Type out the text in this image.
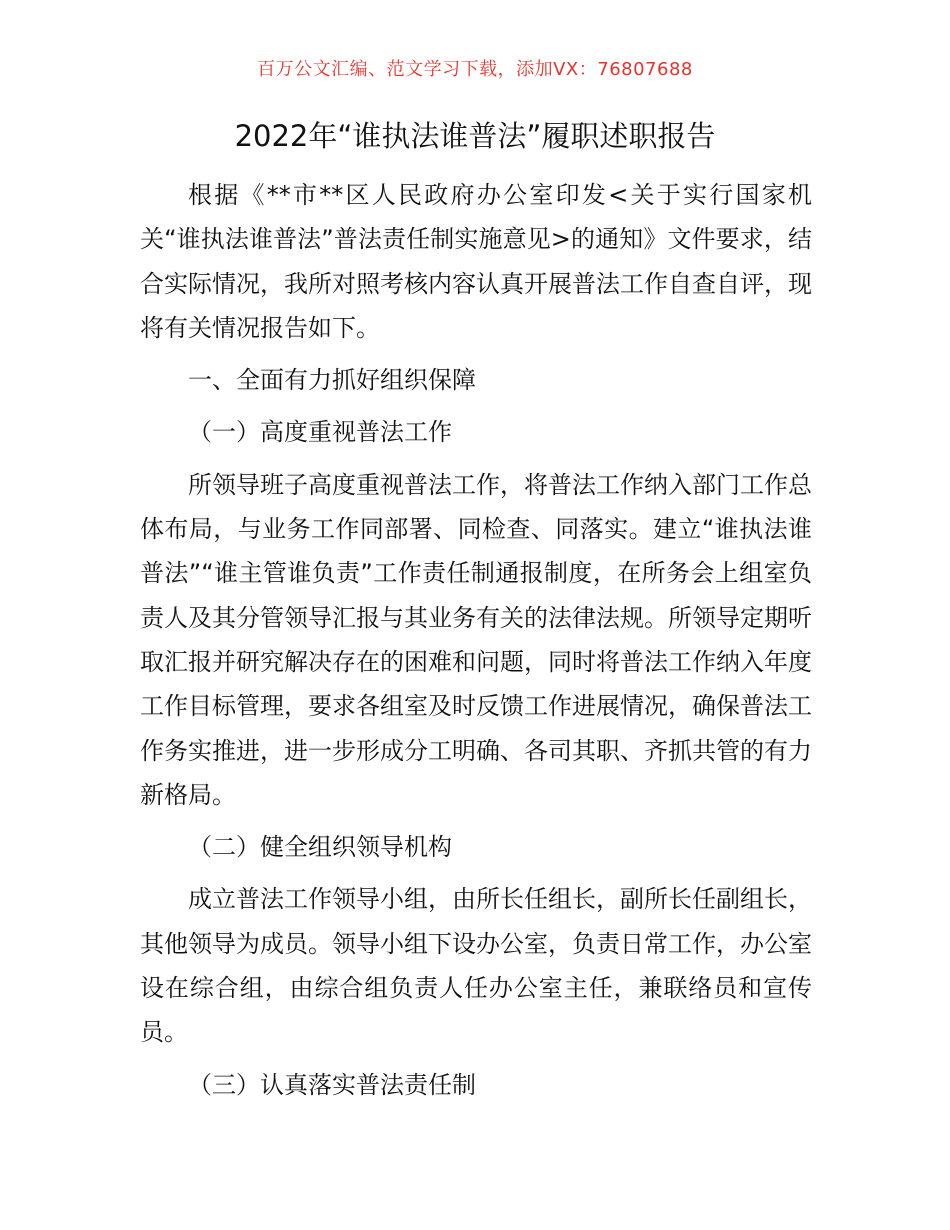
百万公文汇编、范文学习下载，添加VX：76807688
2022年“谁执法谁普法”履职述职报告

根据《**市**区人民政府办公室印发<关于实行国家机关“谁执法谁普法”普法责任制实施意见>的通知》文件要求，结合实际情况，我所对照考核内容认真开展普法工作自查自评，现将有关情况报告如下。

一、全面有力抓好组织保障

（一）高度重视普法工作

所领导班子高度重视普法工作，将普法工作纳入部门工作总体布局，与业务工作同部署、同检查、同落实。建立“谁执法谁普法”“谁主管谁负责”工作责任制通报制度，在所务会上组室负责人及其分管领导汇报与其业务有关的法律法规。所领导定期听取汇报并研究解决存在的困难和问题，同时将普法工作纳入年度工作目标管理，要求各组室及时反馈工作进展情况，确保普法工作务实推进，进一步形成分工明确、各司其职、齐抓共管的有力新格局。

（二）健全组织领导机构

成立普法工作领导小组，由所长任组长，副所长任副组长，其他领导为成员。领导小组下设办公室，负责日常工作，办公室设在综合组，由综合组负责人任办公室主任，兼联络员和宣传员。

（三）认真落实普法责任制
